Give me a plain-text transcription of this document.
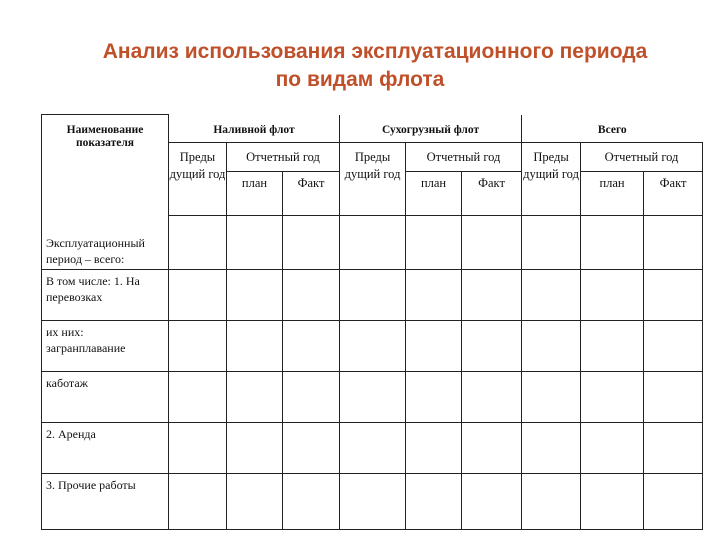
Анализ использования эксплуатационного периода
по видам флота
Наименование показателя	Наливной флот			Сухогрузный флот			Всего		
	Преды дущий год	Отчетный год		Преды дущий год	Отчетный год		Преды дущий год	Отчетный год	
		план	Факт		план	Факт		план	Факт
Эксплуатационный период – всего:									
В том числе: 1. На перевозках									
их них: загранплавание									
каботаж									
2. Аренда									
3. Прочие работы									
